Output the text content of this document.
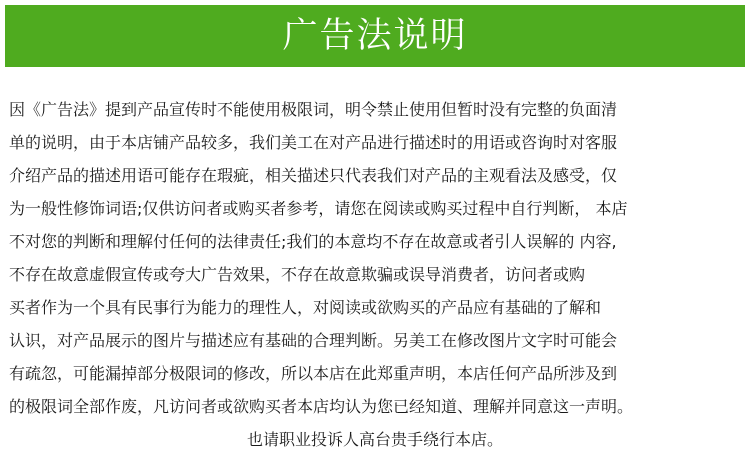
广告法说明
因《广告法》提到产品宣传时不能使用极限词，明令禁止使用但暂时没有完整的负面清
单的说明，由于本店铺产品较多，我们美工在对产品进行描述时的用语或咨询时对客服
介绍产品的描述用语可能存在瑕疵，相关描述只代表我们对产品的主观看法及感受，仅
为一般性修饰词语;仅供访问者或购买者参考，请您在阅读或购买过程中自行判断， 本店
不对您的判断和理解付任何的法律责任;我们的本意均不存在故意或者引人误解的 内容,
不存在故意虚假宣传或夸大广告效果，不存在故意欺骗或误导消费者，访问者或购
买者作为一个具有民事行为能力的理性人，对阅读或欲购买的产品应有基础的了解和
认识，对产品展示的图片与描述应有基础的合理判断。另美工在修改图片文字时可能会
有疏忽，可能漏掉部分极限词的修改，所以本店在此郑重声明，本店任何产品所涉及到
的极限词全部作废，凡访问者或欲购买者本店均认为您已经知道、理解并同意这一声明。
也请职业投诉人高台贵手绕行本店。
